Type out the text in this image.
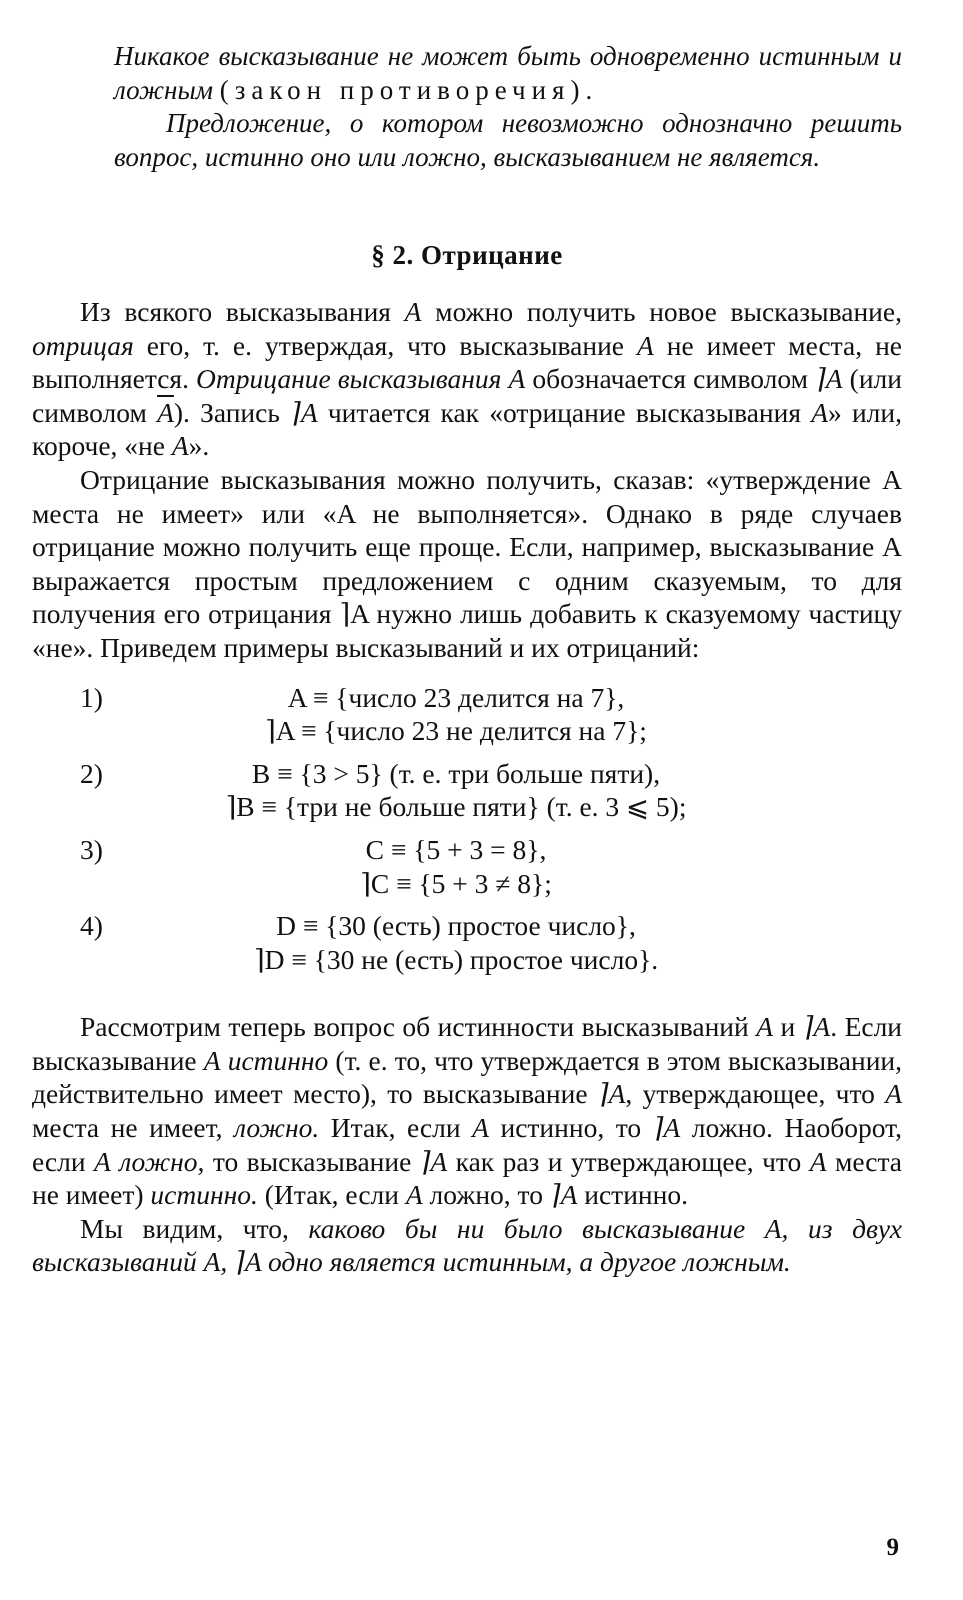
Никакое высказывание не может быть одновременно истинным и ложным (закон противоречия).

Предложение, о котором невозможно однозначно решить вопрос, истинно оно или ложно, высказыванием не является.

§ 2. Отрицание

Из всякого высказывания A можно получить новое высказывание, отрицая его, т. е. утверждая, что высказывание A не имеет места, не выполняется. Отрицание высказывания A обозначается символом ⌉A (или символом $\overline{A}$). Запись ⌉A читается как «отрицание высказывания A» или, короче, «не A».

Отрицание высказывания можно получить, сказав: «утверждение A места не имеет» или «A не выполняется». Однако в ряде случаев отрицание можно получить еще проще. Если, например, высказывание A выражается простым предложением с одним сказуемым, то для получения его отрицания ⌉A нужно лишь добавить к сказуемому частицу «не». Приведем примеры высказываний и их отрицаний:

1)	A ≡ {число 23 делится на 7},
⌉A ≡ {число 23 не делится на 7};
2)	B ≡ {3 > 5} (т. е. три больше пяти),
⌉B ≡ {три не больше пяти} (т. е. 3 ⩽ 5);
3)	C ≡ {5 + 3 = 8},
⌉C ≡ {5 + 3 ≠ 8};
4)	D ≡ {30 (есть) простое число},
⌉D ≡ {30 не (есть) простое число}.

Рассмотрим теперь вопрос об истинности высказываний A и ⌉A. Если высказывание A истинно (т. е. то, что утверждается в этом высказывании, действительно имеет место), то высказывание ⌉A, утверждающее, что A места не имеет, ложно. Итак, если A истинно, то ⌉A ложно. Наоборот, если A ложно, то высказывание ⌉A как раз и утверждающее, что A места не имеет) истинно. (Итак, если A ложно, то ⌉A истинно.

Мы видим, что, каково бы ни было высказывание A, из двух высказываний A, ⌉A одно является истинным, а другое ложным.

9
